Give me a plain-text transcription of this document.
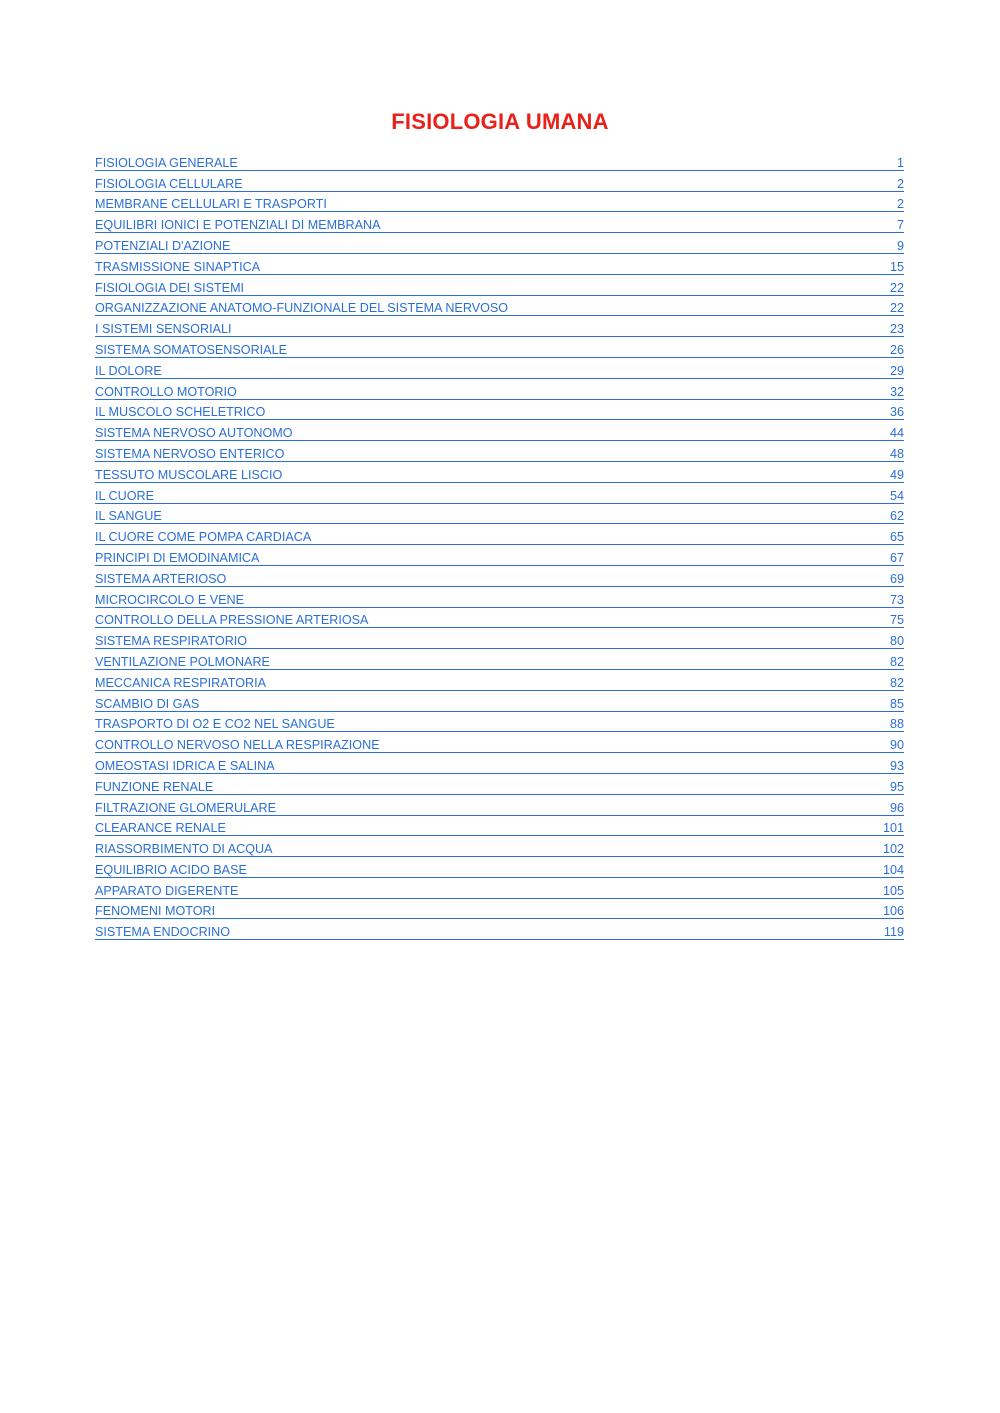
FISIOLOGIA UMANA
FISIOLOGIA GENERALE	1
FISIOLOGIA CELLULARE	2
MEMBRANE CELLULARI E TRASPORTI	2
EQUILIBRI IONICI E POTENZIALI DI MEMBRANA	7
POTENZIALI D'AZIONE	9
TRASMISSIONE SINAPTICA	15
FISIOLOGIA DEI SISTEMI	22
ORGANIZZAZIONE ANATOMO-FUNZIONALE DEL SISTEMA NERVOSO	22
I SISTEMI SENSORIALI	23
SISTEMA SOMATOSENSORIALE	26
IL DOLORE	29
CONTROLLO MOTORIO	32
IL MUSCOLO SCHELETRICO	36
SISTEMA NERVOSO AUTONOMO	44
SISTEMA NERVOSO ENTERICO	48
TESSUTO MUSCOLARE LISCIO	49
IL CUORE	54
IL SANGUE	62
IL CUORE COME POMPA CARDIACA	65
PRINCIPI DI EMODINAMICA	67
SISTEMA ARTERIOSO	69
MICROCIRCOLO E VENE	73
CONTROLLO DELLA PRESSIONE ARTERIOSA	75
SISTEMA RESPIRATORIO	80
VENTILAZIONE POLMONARE	82
MECCANICA RESPIRATORIA	82
SCAMBIO DI GAS	85
TRASPORTO DI O2 E CO2 NEL SANGUE	88
CONTROLLO NERVOSO NELLA RESPIRAZIONE	90
OMEOSTASI IDRICA E SALINA	93
FUNZIONE RENALE	95
FILTRAZIONE GLOMERULARE	96
CLEARANCE RENALE	101
RIASSORBIMENTO DI ACQUA	102
EQUILIBRIO ACIDO BASE	104
APPARATO DIGERENTE	105
FENOMENI MOTORI	106
SISTEMA ENDOCRINO	119
